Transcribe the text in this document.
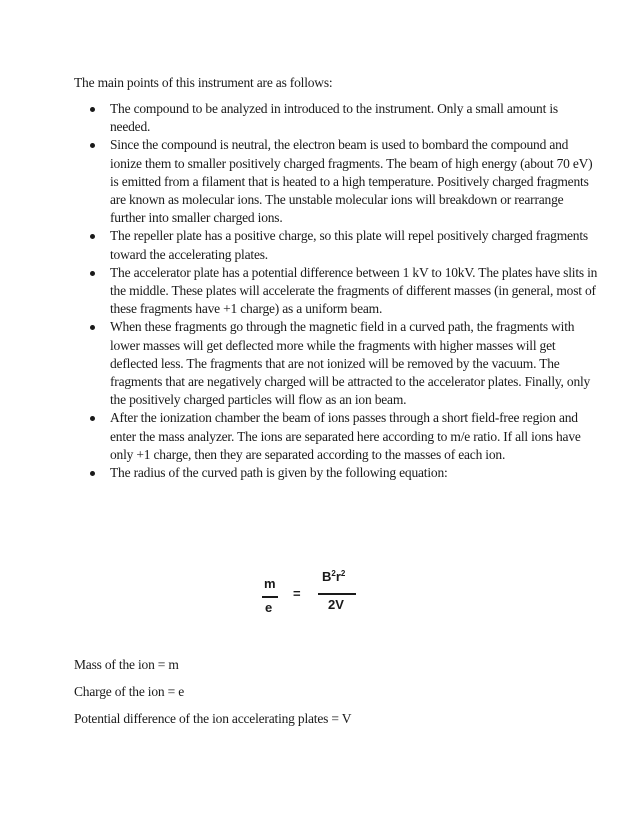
The main points of this instrument are as follows:

The compound to be analyzed in introduced to the instrument. Only a small amount is needed.
Since the compound is neutral, the electron beam is used to bombard the compound and ionize them to smaller positively charged fragments. The beam of high energy (about 70 eV) is emitted from a filament that is heated to a high temperature. Positively charged fragments are known as molecular ions. The unstable molecular ions will breakdown or rearrange further into smaller charged ions.
The repeller plate has a positive charge, so this plate will repel positively charged fragments toward the accelerating plates.
The accelerator plate has a potential difference between 1 kV to 10kV. The plates have slits in the middle. These plates will accelerate the fragments of different masses (in general, most of these fragments have +1 charge) as a uniform beam.
When these fragments go through the magnetic field in a curved path, the fragments with lower masses will get deflected more while the fragments with higher masses will get deflected less. The fragments that are not ionized will be removed by the vacuum. The fragments that are negatively charged will be attracted to the accelerator plates. Finally, only the positively charged particles will flow as an ion beam.
After the ionization chamber the beam of ions passes through a short field-free region and enter the mass analyzer. The ions are separated here according to m/e ratio. If all ions have only +1 charge, then they are separated according to the masses of each ion.
The radius of the curved path is given by the following equation:
m
e
=
$B^2r^2$
2V

Mass of the ion = m

Charge of the ion = e

Potential difference of the ion accelerating plates = V
